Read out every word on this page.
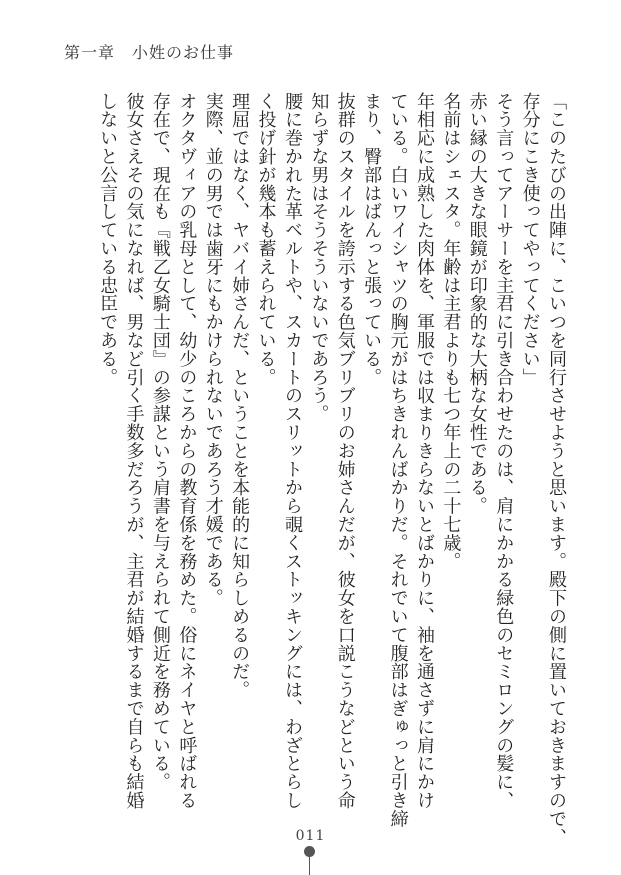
第一章　小姓のお仕事
「このたびの出陣に、こいつを同行させようと思います。殿下の側に置いておきますので、
存分にこき使ってやってください」
そう言ってアーサーを主君に引き合わせたのは、肩にかかる緑色のセミロングの髪に、
赤い縁の大きな眼鏡が印象的な大柄な女性である。
名前はシェスタ。年齢は主君よりも七つ年上の二十七歳。
年相応に成熟した肉体を、軍服では収まりきらないとばかりに、袖を通さずに肩にかけ
ている。白いワイシャツの胸元がはちきれんばかりだ。それでいて腹部はぎゅっと引き締
まり、臀部はばんっと張っている。
抜群のスタイルを誇示する色気ブリブリのお姉さんだが、彼女を口説こうなどという命
知らずな男はそうそういないであろう。
腰に巻かれた革ベルトや、スカートのスリットから覗くストッキングには、わざとらし
く投げ針が幾本も蓄えられている。
理屈ではなく、ヤバイ姉さんだ、ということを本能的に知らしめるのだ。
実際、並の男では歯牙にもかけられないであろう才媛である。
オクタヴィアの乳母として、幼少のころからの教育係を務めた。俗にネイヤと呼ばれる
存在で、現在も『戦乙女騎士団』の参謀という肩書を与えられて側近を務めている。
彼女さえその気になれば、男など引く手数多だろうが、主君が結婚するまで自らも結婚
しないと公言している忠臣である。
011
